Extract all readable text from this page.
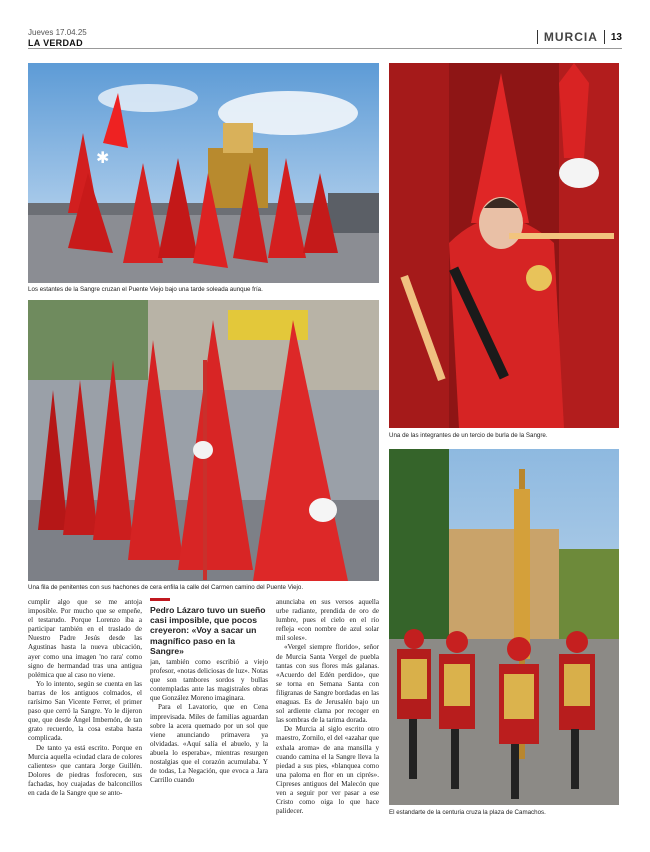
Jueves 17.04.25
LA VERDAD	MURCIA 13
✱
Los estantes de la Sangre cruzan el Puente Viejo bajo una tarde soleada aunque fría.
Una fila de penitentes con sus hachones de cera enfila la calle del Carmen camino del Puente Viejo.
Una de las integrantes de un tercio de burla de la Sangre.
El estandarte de la centuria cruza la plaza de Camachos.

cumplir algo que se me antoja imposible. Por mucho que se empeñe, el testarudo. Porque Lorenzo iba a participar también en el traslado de Nuestro Padre Jesús desde las Agustinas hasta la nueva ubicación, ayer como una imagen 'no rara' como signo de hermandad tras una antigua polémica que al caso no viene.

Yo lo intento, según se cuenta en las barras de los antiguos colmados, el rarísimo San Vicente Ferrer, el primer paso que cerró la Sangre. Yo le dijeron que, que desde Ángel Imbernón, de tan grato recuerdo, la cosa estaba hasta complicada.

De tanto ya está escrito. Porque en Murcia aquella «ciudad clara de colores calientes» que cantara Jorge Guillén. Dolores de piedras fosforecen, sus fachadas, hoy cuajadas de balconcillos en cada de la Sangre que se anto-

Pedro Lázaro tuvo un sueño casi imposible, que pocos creyeron: «Voy a sacar un magnífico paso en la Sangre»

jan, también como escribió a viejo profesor, «notas deliciosas de luz». Notas que son tambores sordos y bullas contempladas ante las magistrales obras que González Moreno imaginara.

Para el Lavatorio, que en Cena imprevisada. Miles de familias aguardan sobre la acera quemado por un sol que viene anunciando primavera ya olvidadas. «Aquí salía el abuelo, y la abuela lo esperaba», mientras resurgen nostalgias que el corazón acumulaba. Y de todas, La Negación, que evoca a Jara Carrillo cuando

anunciaba en sus versos aquella urbe radiante, prendida de oro de lumbre, pues el cielo en el río refleja «con nombre de azul solar mil soles».

«Vergel siempre florido», señor de Murcia Santa Vergel de puebla tantas con sus flores más galanas. «Acuerdo del Edén perdido», que se torna en Semana Santa con filigranas de Sangre bordadas en las enaguas. Es de Jerusalén bajo un sol ardiente clama por recoger en las sombras de la tarima dorada.

De Murcia al siglo escrito otro maestro, Zornilo, el del «azahar que exhala aroma» de ana mansilla y cuando camina el la Sangre lleva la piedad a sus pies, «blanquea como una paloma en flor en un ciprés». Cipreses antiguos del Malecón que ven a seguir por ver pasar a ese Cristo como oiga lo que hace palidecer.
